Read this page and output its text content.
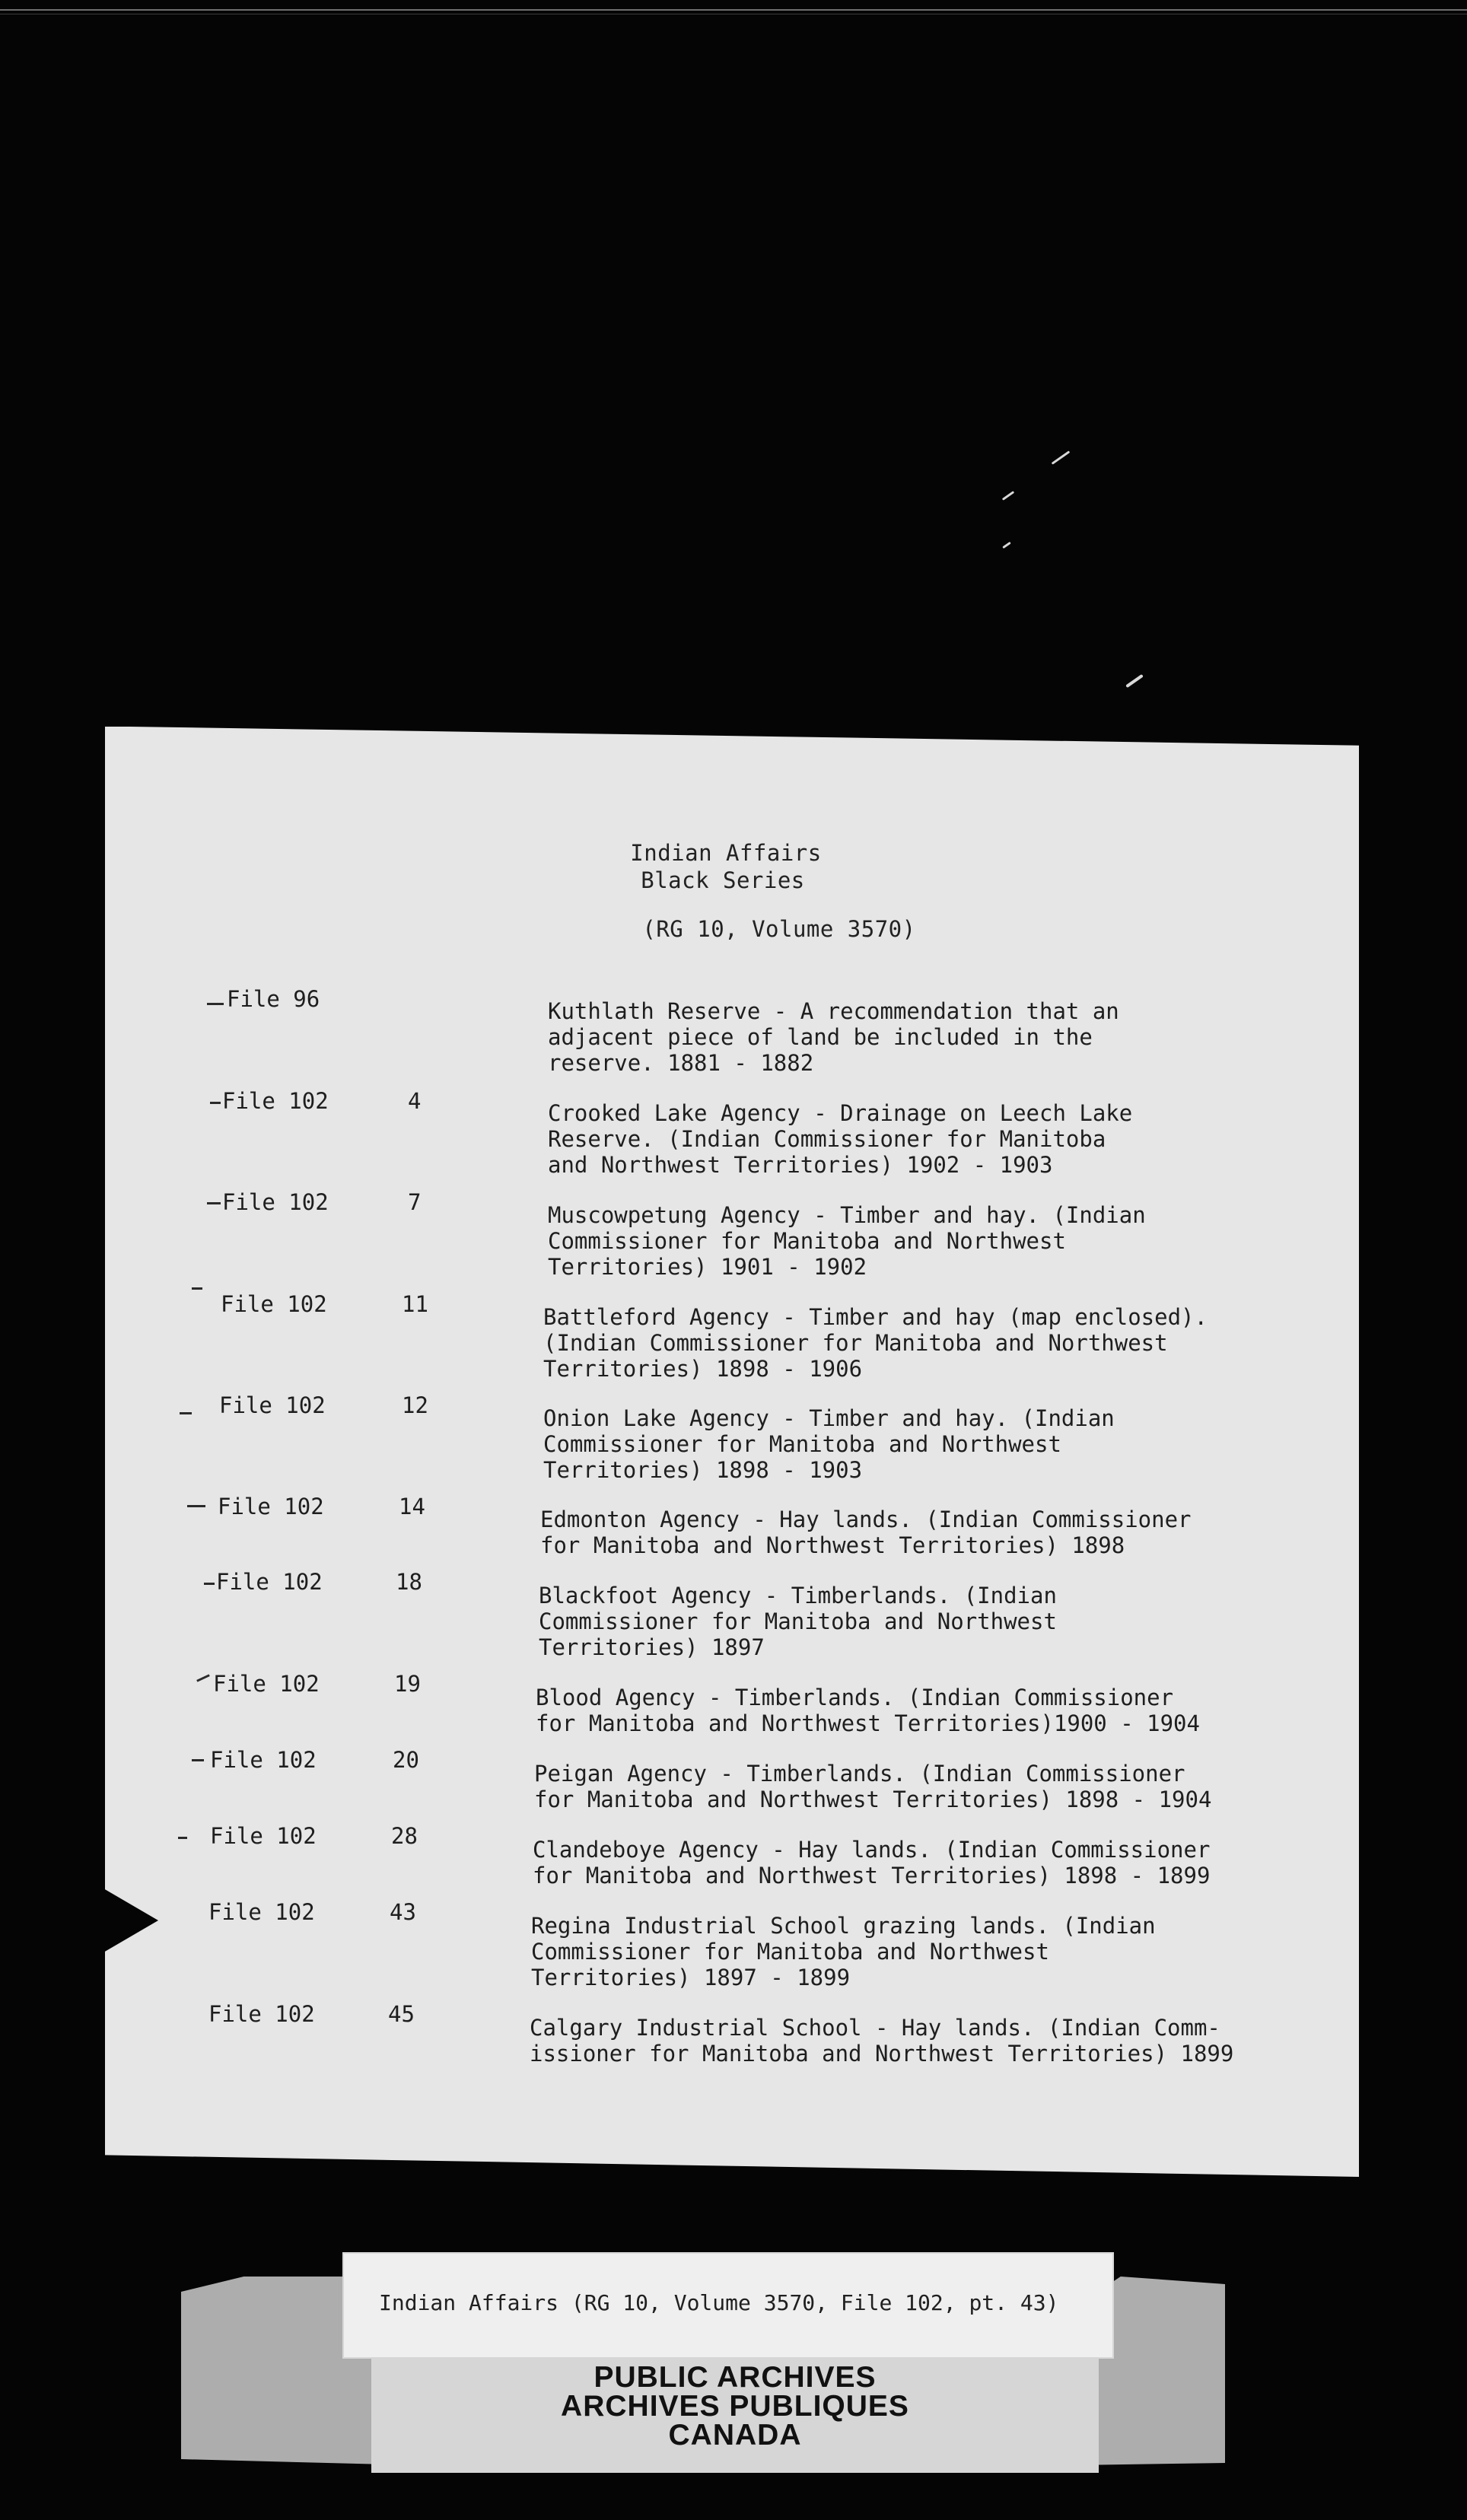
Indian Affairs
Black Series
(RG 10, Volume 3570)
File 96	Kuthlath Reserve - A recommendation that an
adjacent piece of land be included in the
reserve. 1881 - 1882
File 102	4	Crooked Lake Agency - Drainage on Leech Lake
Reserve. (Indian Commissioner for Manitoba
and Northwest Territories) 1902 - 1903
File 102	7	Muscowpetung Agency - Timber and hay. (Indian
Commissioner for Manitoba and Northwest
Territories) 1901 - 1902
File 102	11	Battleford Agency - Timber and hay (map enclosed).
(Indian Commissioner for Manitoba and Northwest
Territories) 1898 - 1906
File 102	12	Onion Lake Agency - Timber and hay. (Indian
Commissioner for Manitoba and Northwest
Territories) 1898 - 1903
File 102	14	Edmonton Agency - Hay lands. (Indian Commissioner
for Manitoba and Northwest Territories) 1898
File 102	18
Blackfoot Agency - Timberlands. (Indian
Commissioner for Manitoba and Northwest
Territories) 1897
File 102	19
Blood Agency - Timberlands. (Indian Commissioner
for Manitoba and Northwest Territories)1900 - 1904
File 102	20
Peigan Agency - Timberlands. (Indian Commissioner
for Manitoba and Northwest Territories) 1898 - 1904
File 102	28
Clandeboye Agency - Hay lands. (Indian Commissioner
for Manitoba and Northwest Territories) 1898 - 1899
File 102	43
Regina Industrial School grazing lands. (Indian
Commissioner for Manitoba and Northwest
Territories) 1897 - 1899
File 102	45
Calgary Industrial School - Hay lands. (Indian Comm-
issioner for Manitoba and Northwest Territories) 1899
Indian Affairs (RG 10, Volume 3570, File 102, pt. 43)
PUBLIC ARCHIVES
ARCHIVES PUBLIQUES
CANADA
